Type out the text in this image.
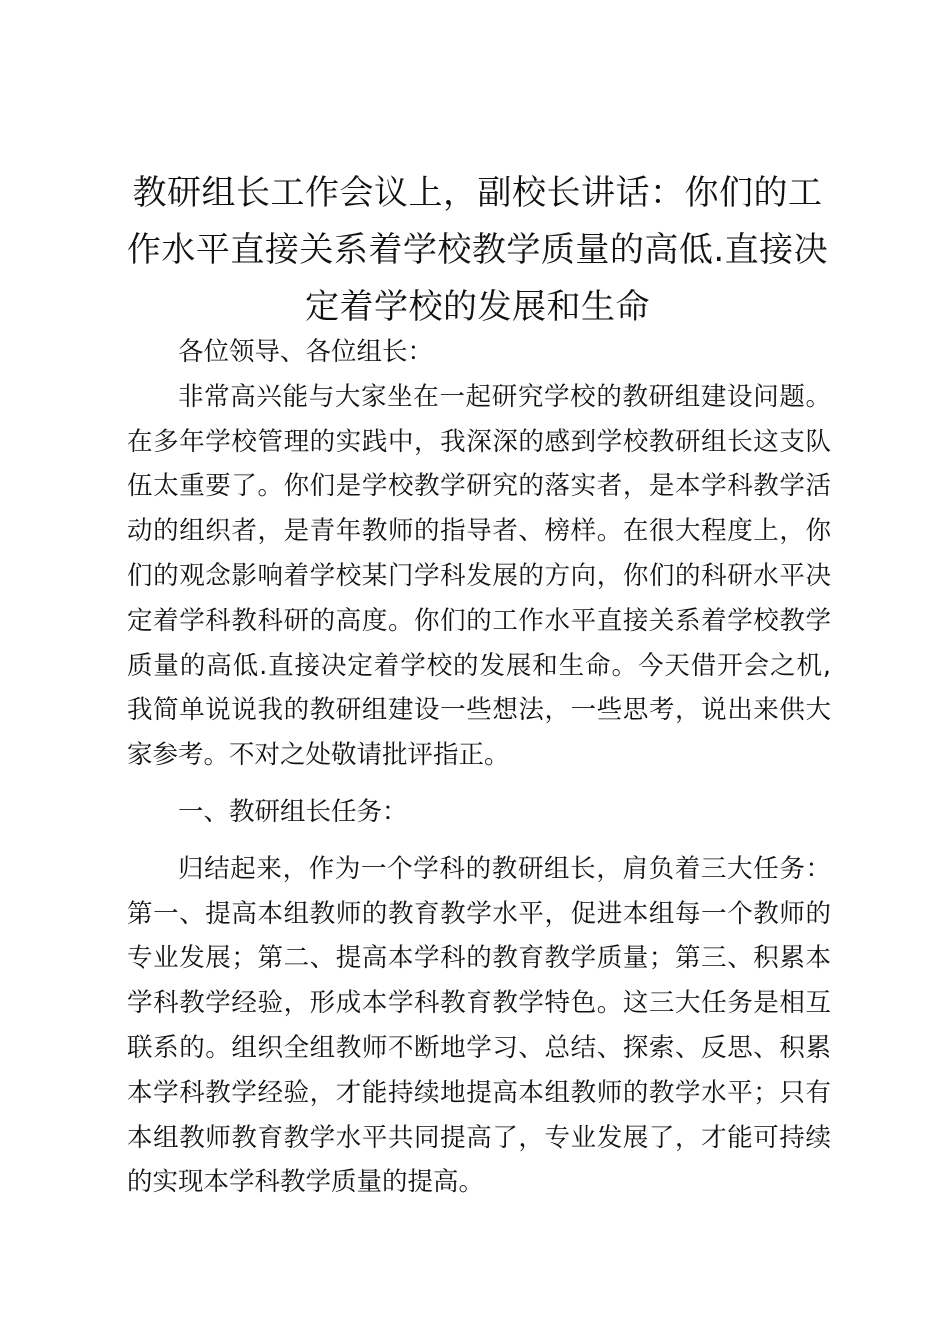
教研组长工作会议上，副校长讲话：你们的工作水平直接关系着学校教学质量的高低.直接决定着学校的发展和生命

各位领导、各位组长：

非常高兴能与大家坐在一起研究学校的教研组建设问题。在多年学校管理的实践中，我深深的感到学校教研组长这支队伍太重要了。你们是学校教学研究的落实者，是本学科教学活动的组织者，是青年教师的指导者、榜样。在很大程度上，你们的观念影响着学校某门学科发展的方向，你们的科研水平决定着学科教科研的高度。你们的工作水平直接关系着学校教学质量的高低.直接决定着学校的发展和生命。今天借开会之机,我简单说说我的教研组建设一些想法，一些思考，说出来供大家参考。不对之处敬请批评指正。

一、教研组长任务：

归结起来，作为一个学科的教研组长，肩负着三大任务：第一、提高本组教师的教育教学水平，促进本组每一个教师的专业发展；第二、提高本学科的教育教学质量；第三、积累本学科教学经验，形成本学科教育教学特色。这三大任务是相互联系的。组织全组教师不断地学习、总结、探索、反思、积累本学科教学经验，才能持续地提高本组教师的教学水平；只有本组教师教育教学水平共同提高了，专业发展了，才能可持续的实现本学科教学质量的提高。
